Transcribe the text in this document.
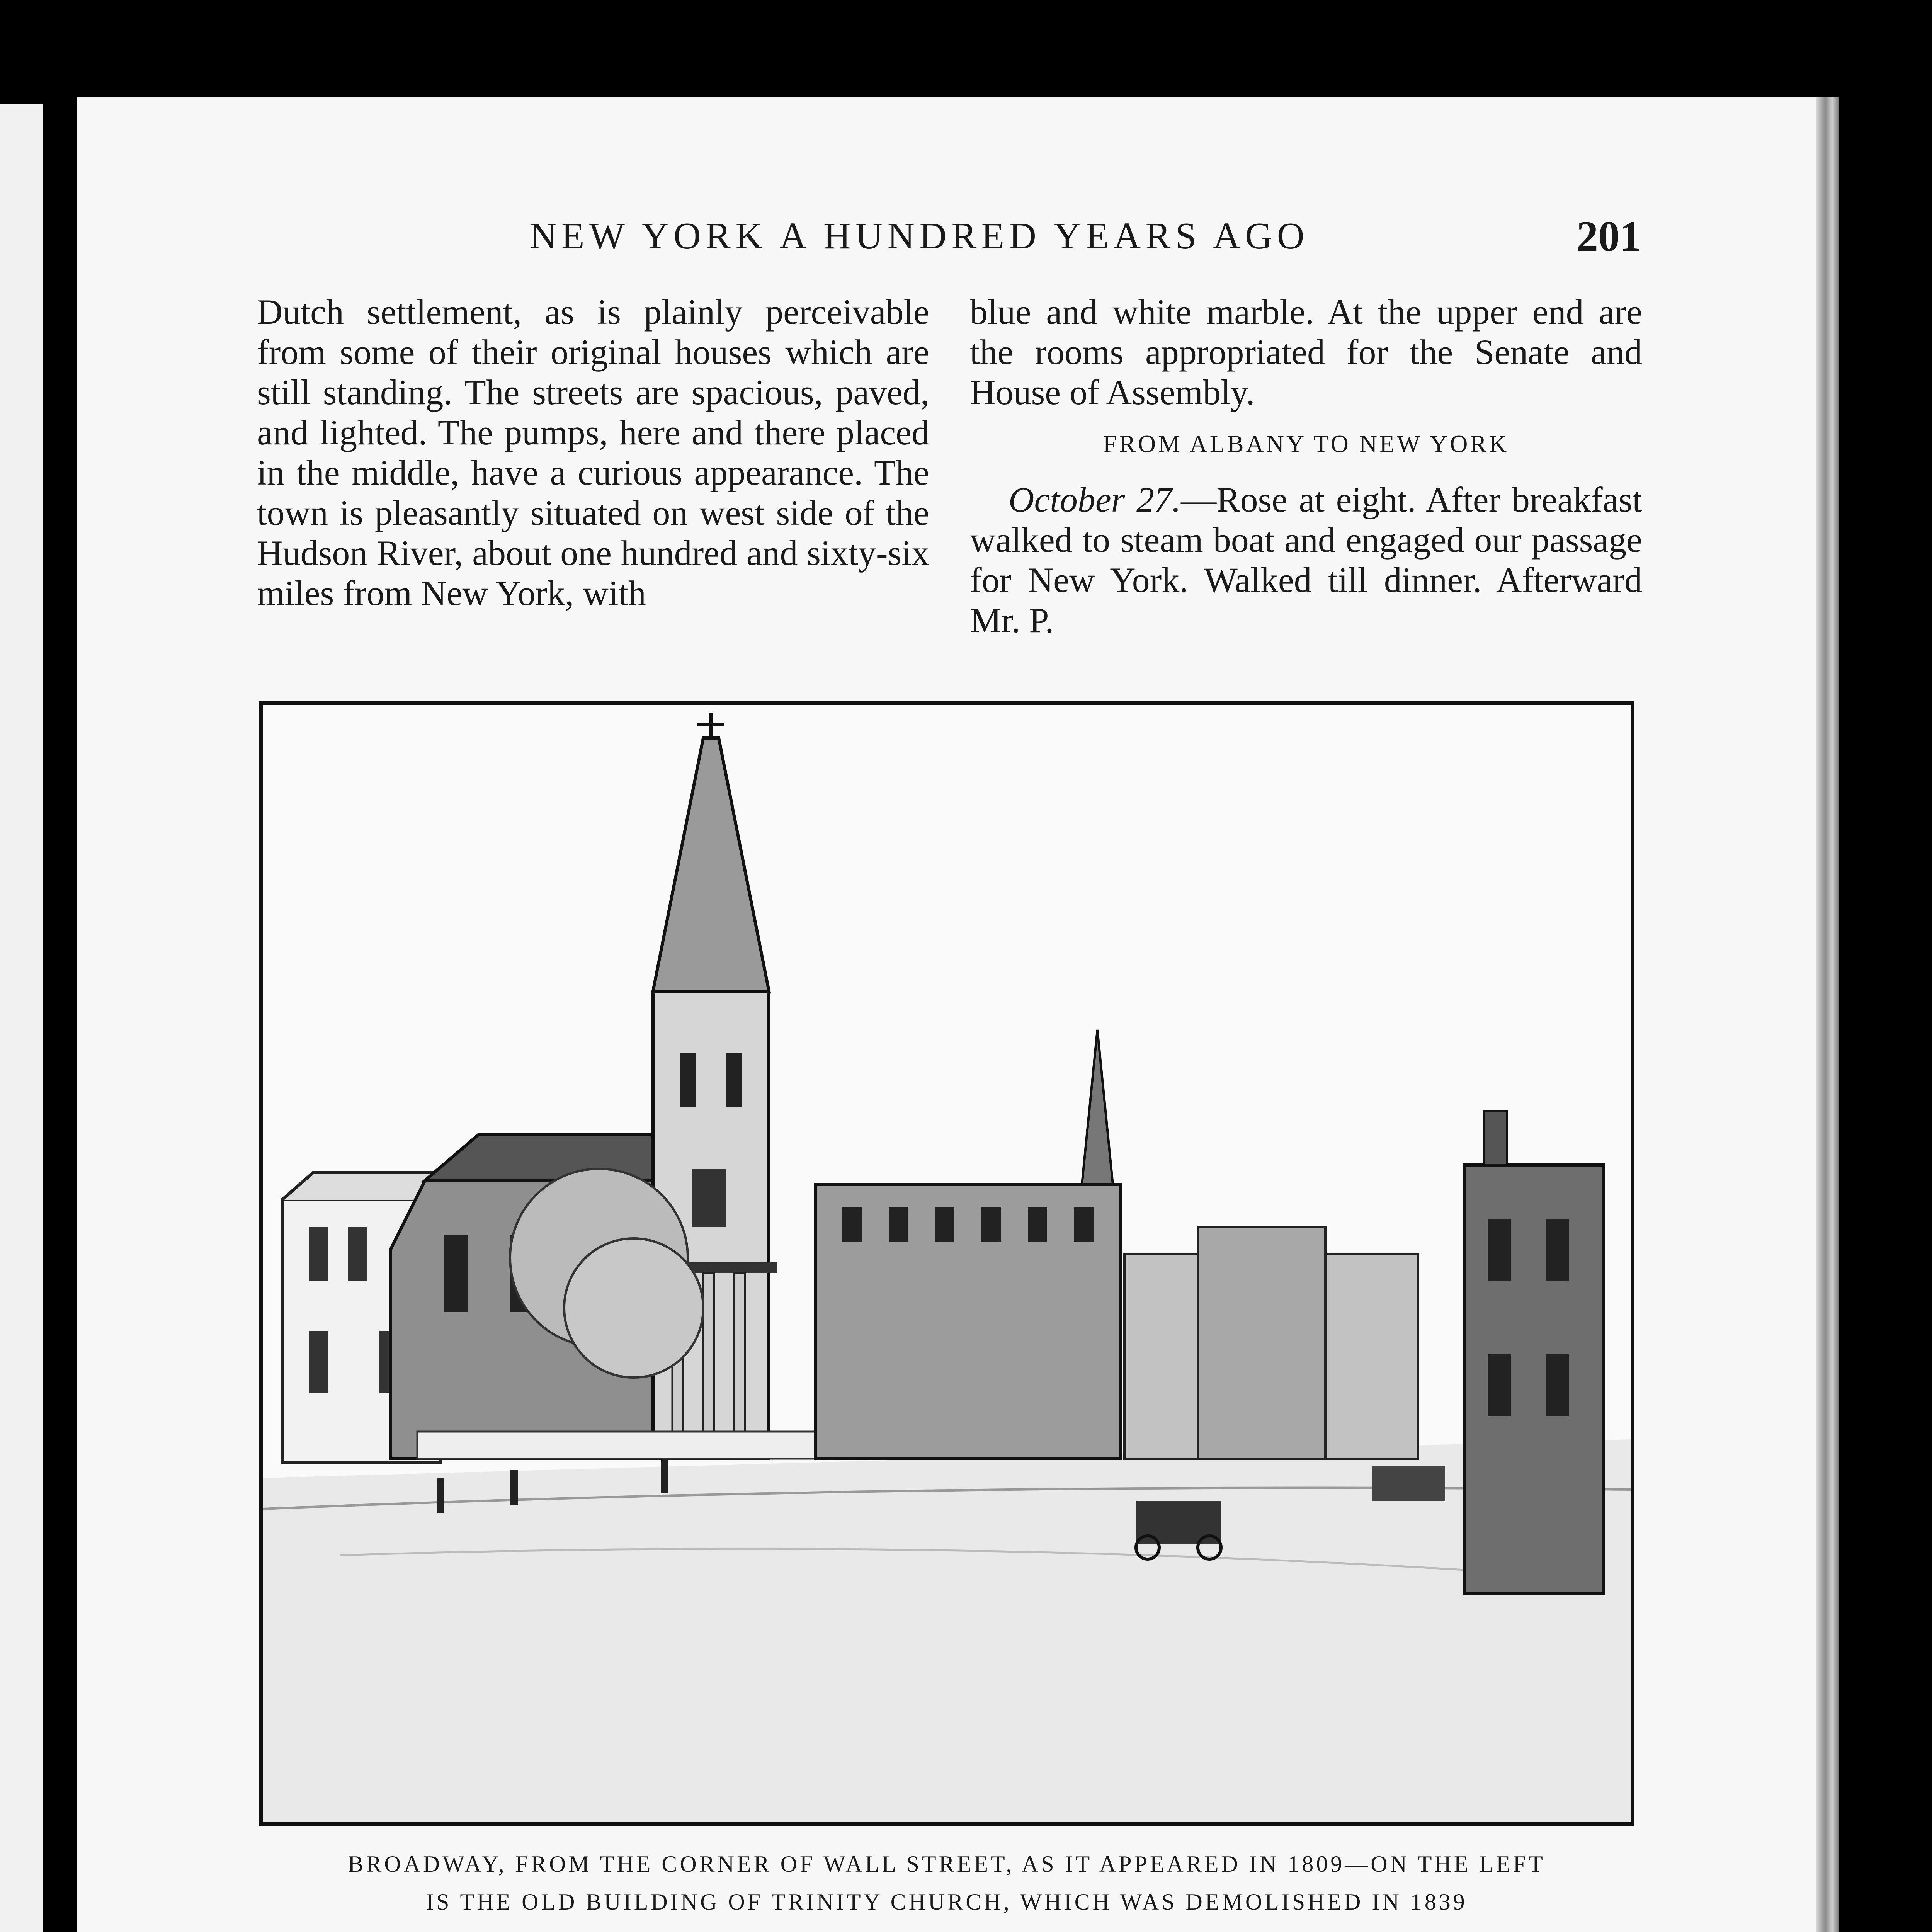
NEW YORK A HUNDRED YEARS AGO	201

Dutch settlement, as is plainly perceivable from some of their original houses which are still standing. The streets are spacious, paved, and lighted. The pumps, here and there placed in the middle, have a curious appearance. The town is pleasantly situated on west side of the Hudson River, about one hundred and sixty-six miles from New York, with

blue and white marble. At the upper end are the rooms appropriated for the Senate and House of Assembly.

FROM ALBANY TO NEW YORK

October 27.—Rose at eight. After breakfast walked to steam boat and engaged our passage for New York. Walked till dinner. Afterward Mr. P.

BROADWAY, FROM THE CORNER OF WALL STREET, AS IT APPEARED IN 1809—ON THE LEFT
IS THE OLD BUILDING OF TRINITY CHURCH, WHICH WAS DEMOLISHED IN 1839
